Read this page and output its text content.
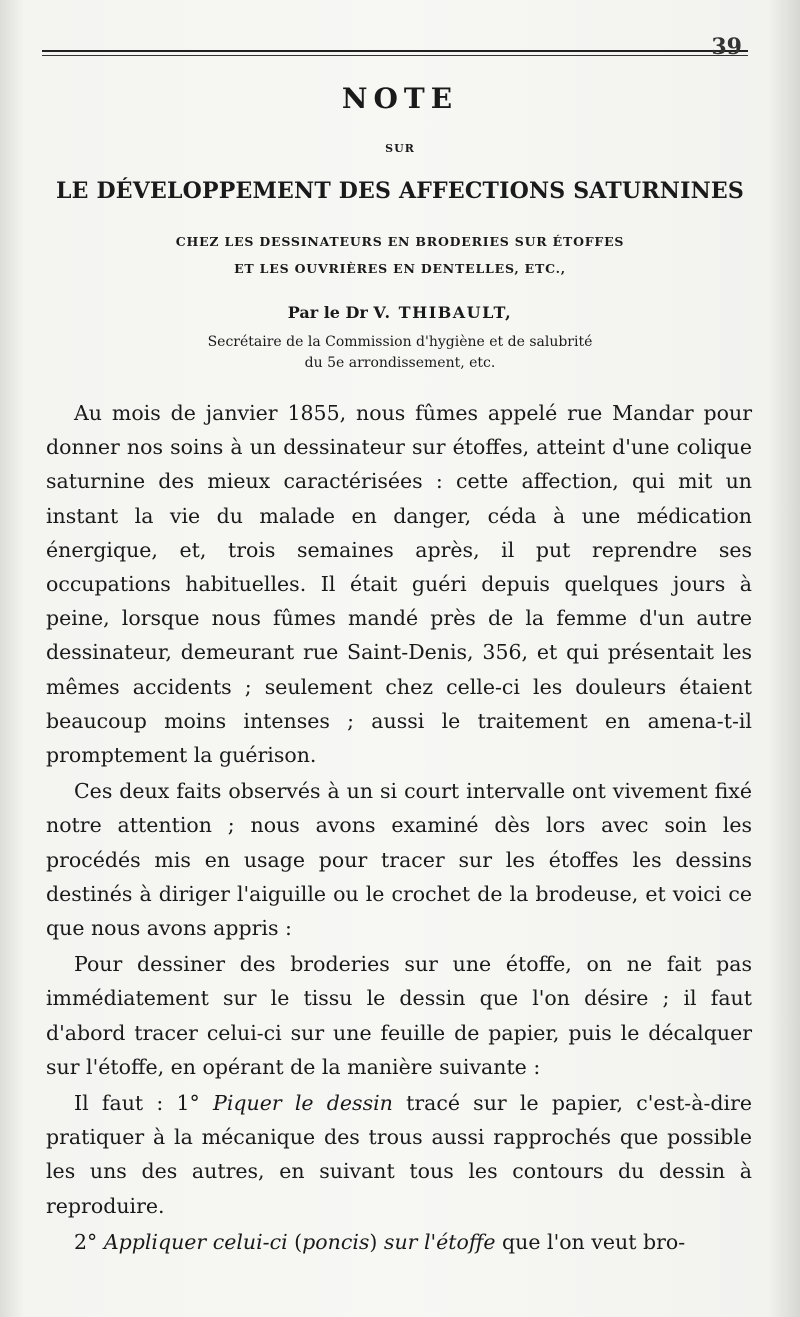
39
NOTE
SUR
LE DÉVELOPPEMENT DES AFFECTIONS SATURNINES
CHEZ LES DESSINATEURS EN BRODERIES SUR ÉTOFFES
ET LES OUVRIÈRES EN DENTELLES, ETC.,
Par le Dr V. THIBAULT,
Secrétaire de la Commission d'hygiène et de salubrité
du 5e arrondissement, etc.

Au mois de janvier 1855, nous fûmes appelé rue Mandar pour donner nos soins à un dessinateur sur étoffes, atteint d'une colique saturnine des mieux caractérisées : cette affection, qui mit un instant la vie du malade en danger, céda à une médication énergique, et, trois semaines après, il put reprendre ses occupations habituelles. Il était guéri depuis quelques jours à peine, lorsque nous fûmes mandé près de la femme d'un autre dessinateur, demeurant rue Saint-Denis, 356, et qui présentait les mêmes accidents ; seulement chez celle-ci les douleurs étaient beaucoup moins intenses ; aussi le traitement en amena-t-il promptement la guérison.

Ces deux faits observés à un si court intervalle ont vivement fixé notre attention ; nous avons examiné dès lors avec soin les procédés mis en usage pour tracer sur les étoffes les dessins destinés à diriger l'aiguille ou le crochet de la brodeuse, et voici ce que nous avons appris :

Pour dessiner des broderies sur une étoffe, on ne fait pas immédiatement sur le tissu le dessin que l'on désire ; il faut d'abord tracer celui-ci sur une feuille de papier, puis le décalquer sur l'étoffe, en opérant de la manière suivante :

Il faut : 1° Piquer le dessin tracé sur le papier, c'est-à-dire pratiquer à la mécanique des trous aussi rapprochés que possible les uns des autres, en suivant tous les contours du dessin à reproduire.

2° Appliquer celui-ci (poncis) sur l'étoffe que l'on veut bro-
